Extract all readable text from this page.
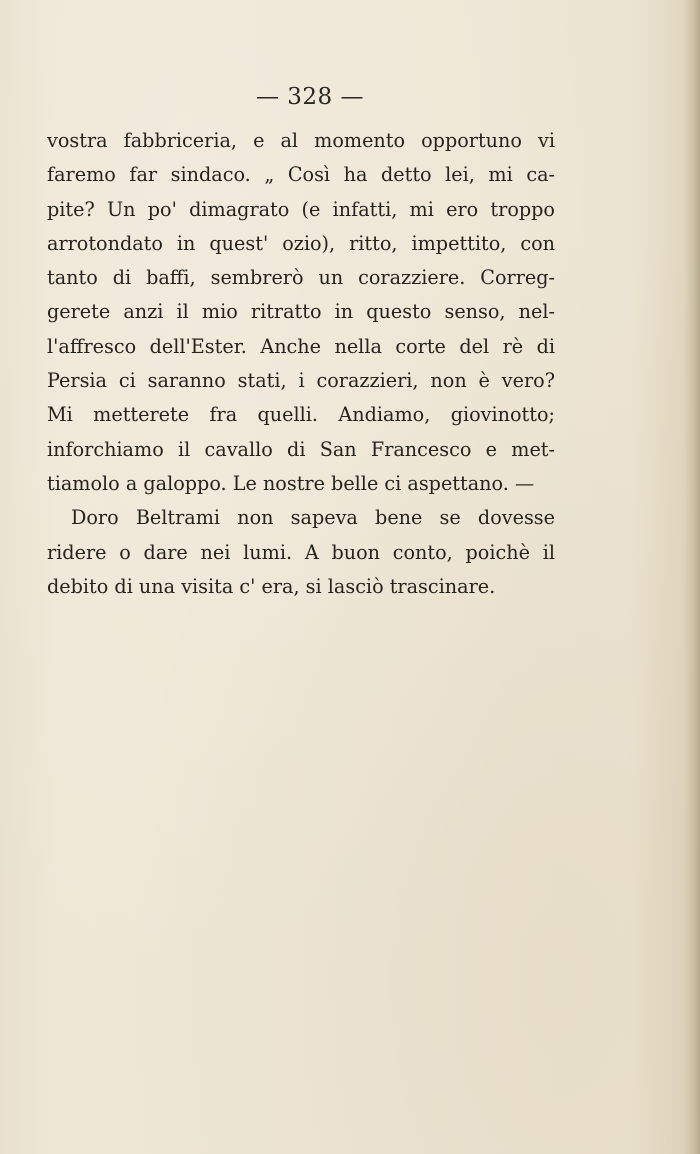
— 328 —
vostra fabbriceria, e al momento opportuno vi
faremo far sindaco. „ Così ha detto lei, mi ca-
pite? Un po' dimagrato (e infatti, mi ero troppo
arrotondato in quest' ozio), ritto, impettito, con
tanto di baffi, sembrerò un corazziere. Correg-
gerete anzi il mio ritratto in questo senso, nel-
l'affresco dell'Ester. Anche nella corte del rè di
Persia ci saranno stati, i corazzieri, non è vero?
Mi metterete fra quelli. Andiamo, giovinotto;
inforchiamo il cavallo di San Francesco e met-
tiamolo a galoppo. Le nostre belle ci aspettano. —
Doro Beltrami non sapeva bene se dovesse
ridere o dare nei lumi. A buon conto, poichè il
debito di una visita c' era, si lasciò trascinare.
